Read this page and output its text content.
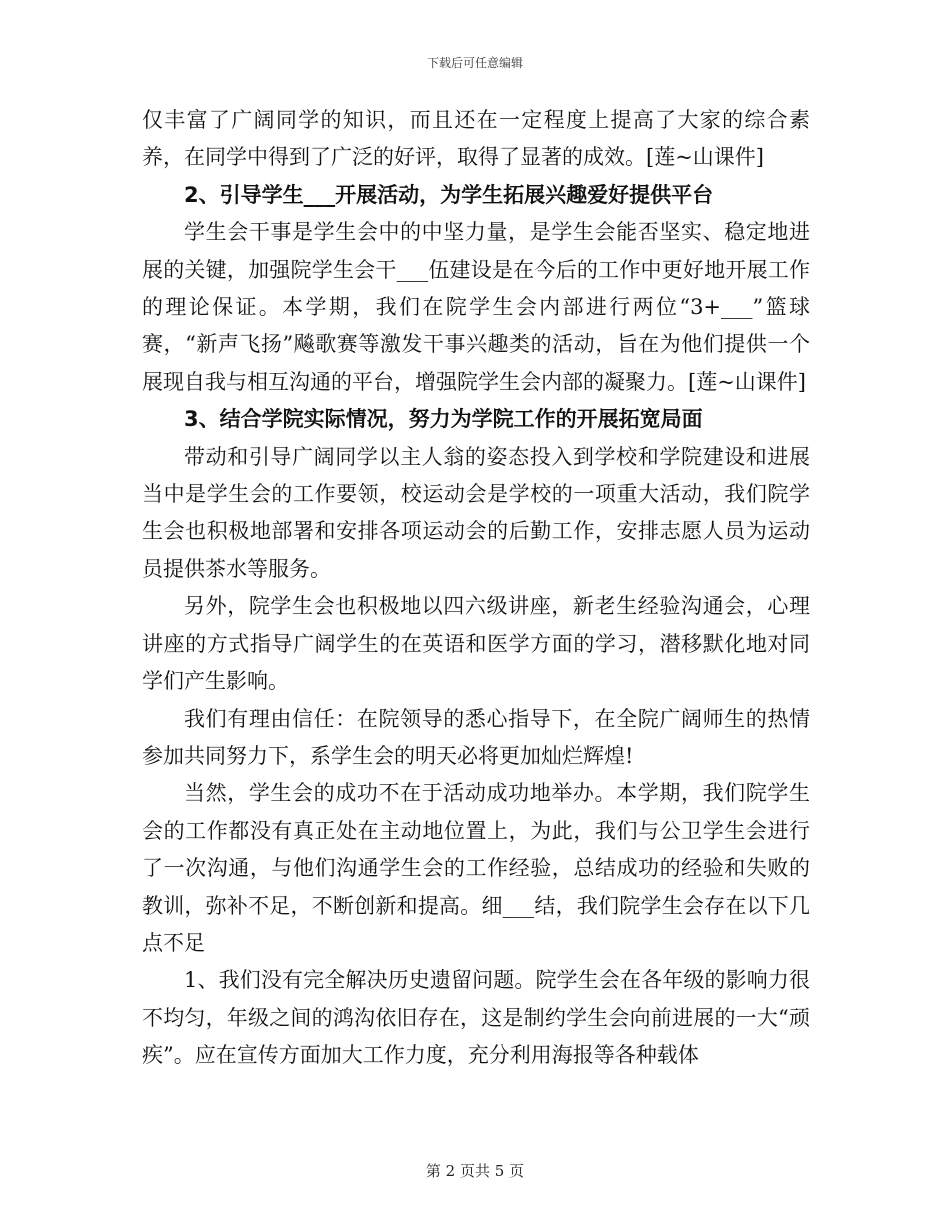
下载后可任意编辑

仅丰富了广阔同学的知识，而且还在一定程度上提高了大家的综合素养，在同学中得到了广泛的好评，取得了显著的成效。[莲~山课件]

2、引导学生___开展活动，为学生拓展兴趣爱好提供平台

学生会干事是学生会中的中坚力量，是学生会能否坚实、稳定地进展的关键，加强院学生会干___伍建设是在今后的工作中更好地开展工作的理论保证。本学期，我们在院学生会内部进行两位“3+___”篮球赛，“新声飞扬”飚歌赛等激发干事兴趣类的活动，旨在为他们提供一个展现自我与相互沟通的平台，增强院学生会内部的凝聚力。[莲~山课件]

3、结合学院实际情况，努力为学院工作的开展拓宽局面

带动和引导广阔同学以主人翁的姿态投入到学校和学院建设和进展当中是学生会的工作要领，校运动会是学校的一项重大活动，我们院学生会也积极地部署和安排各项运动会的后勤工作，安排志愿人员为运动员提供茶水等服务。

另外，院学生会也积极地以四六级讲座，新老生经验沟通会，心理讲座的方式指导广阔学生的在英语和医学方面的学习，潜移默化地对同学们产生影响。

我们有理由信任：在院领导的悉心指导下，在全院广阔师生的热情参加共同努力下，系学生会的明天必将更加灿烂辉煌!

当然，学生会的成功不在于活动成功地举办。本学期，我们院学生会的工作都没有真正处在主动地位置上，为此，我们与公卫学生会进行了一次沟通，与他们沟通学生会的工作经验，总结成功的经验和失败的教训，弥补不足，不断创新和提高。细___结，我们院学生会存在以下几点不足

1、我们没有完全解决历史遗留问题。院学生会在各年级的影响力很不均匀，年级之间的鸿沟依旧存在，这是制约学生会向前进展的一大“顽疾”。应在宣传方面加大工作力度，充分利用海报等各种载体

第 2 页共 5 页
